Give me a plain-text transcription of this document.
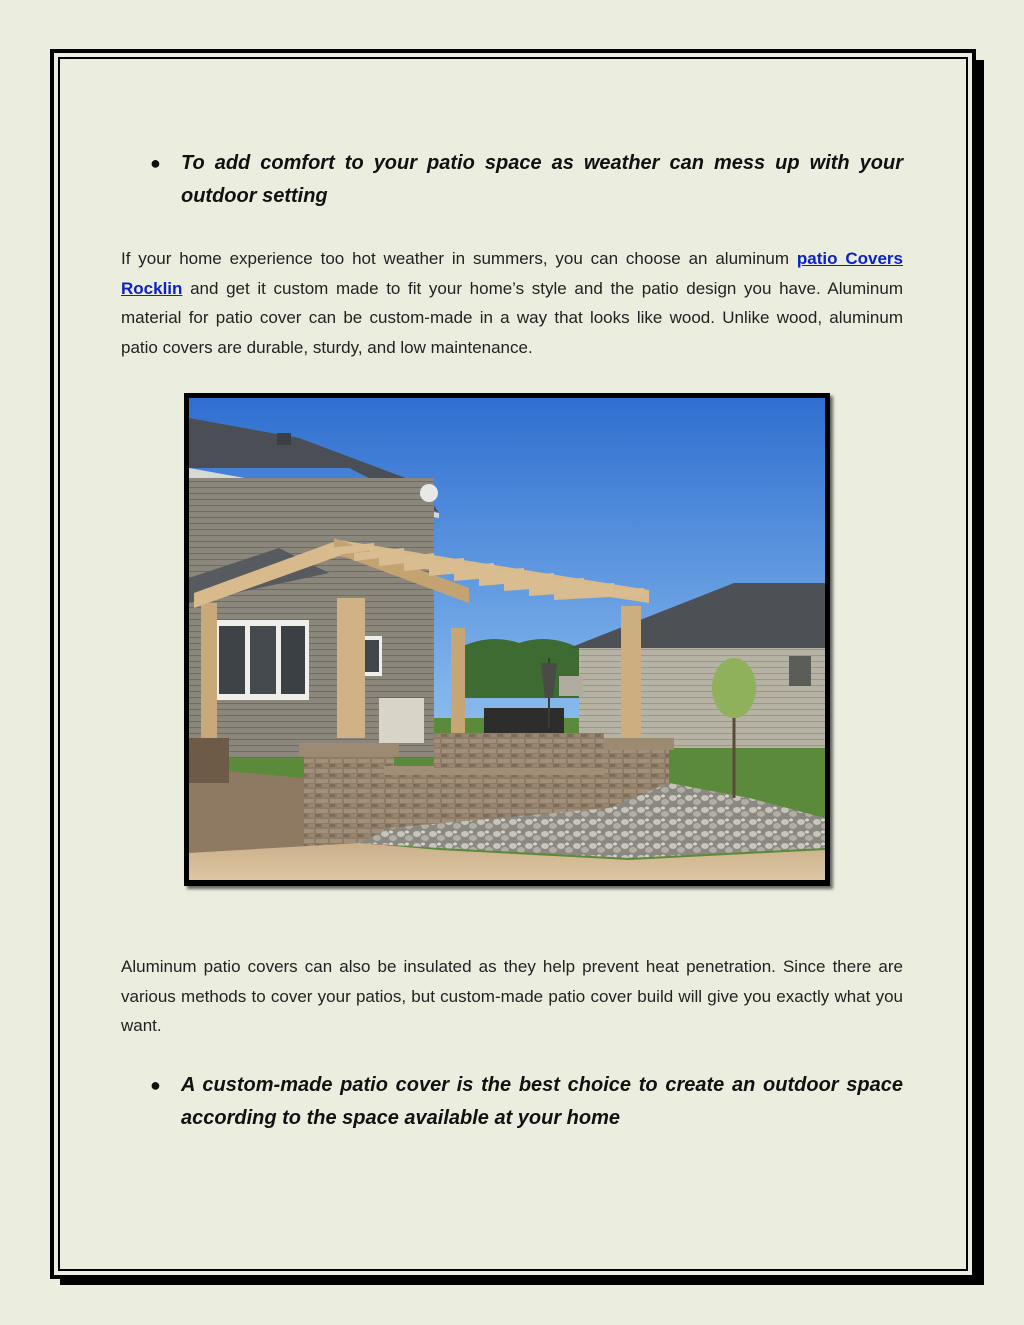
● To add comfort to your patio space as weather can mess up with your outdoor setting
If your home experience too hot weather in summers, you can choose an aluminum patio Covers Rocklin and get it custom made to fit your home’s style and the patio design you have. Aluminum material for patio cover can be custom-made in a way that looks like wood. Unlike wood, aluminum patio covers are durable, sturdy, and low maintenance.
Aluminum patio covers can also be insulated as they help prevent heat penetration. Since there are various methods to cover your patios, but custom-made patio cover build will give you exactly what you want.
● A custom-made patio cover is the best choice to create an outdoor space according to the space available at your home
